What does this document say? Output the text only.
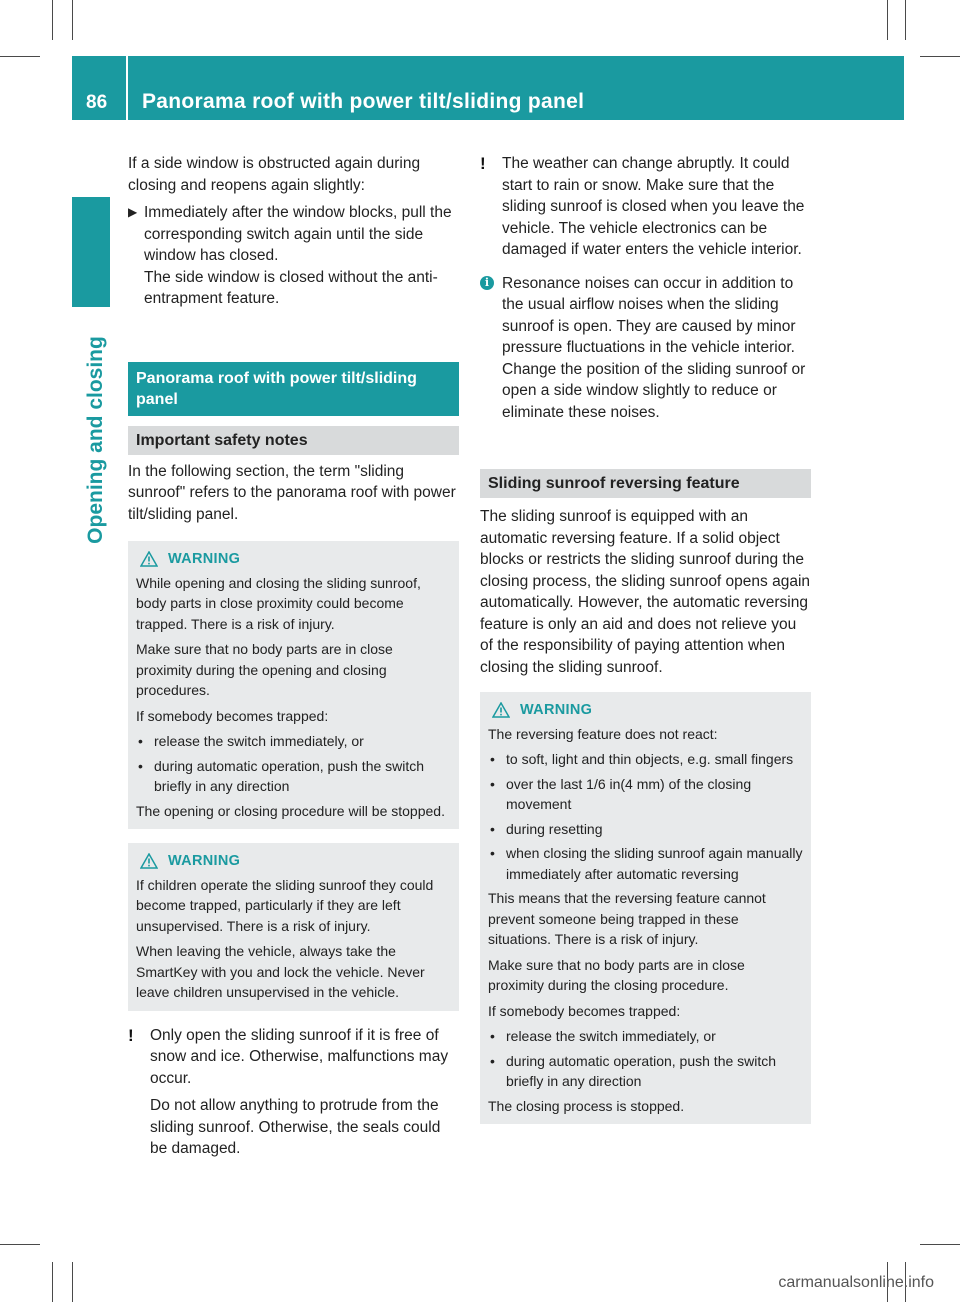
86 Panorama roof with power tilt/sliding panel
Opening and closing

If a side window is obstructed again during closing and reopens again slightly:

▶ Immediately after the window blocks, pull the corresponding switch again until the side window has closed.
The side window is closed without the anti-entrapment feature.
Panorama roof with power tilt/sliding panel
Important safety notes

In the following section, the term "sliding sunroof" refers to the panorama roof with power tilt/sliding panel.

WARNING

While opening and closing the sliding sunroof, body parts in close proximity could become trapped. There is a risk of injury.

Make sure that no body parts are in close proximity during the opening and closing procedures.

If somebody becomes trapped:

• release the switch immediately, or
• during automatic operation, push the switch briefly in any direction

The opening or closing procedure will be stopped.

WARNING

If children operate the sliding sunroof they could become trapped, particularly if they are left unsupervised. There is a risk of injury.

When leaving the vehicle, always take the SmartKey with you and lock the vehicle. Never leave children unsupervised in the vehicle.

!	Only open the sliding sunroof if it is free of snow and ice. Otherwise, malfunctions may occur.

Do not allow anything to protrude from the sliding sunroof. Otherwise, the seals could be damaged.

!	The weather can change abruptly. It could start to rain or snow. Make sure that the sliding sunroof is closed when you leave the vehicle. The vehicle electronics can be damaged if water enters the vehicle interior.

i Resonance noises can occur in addition to the usual airflow noises when the sliding sunroof is open. They are caused by minor pressure fluctuations in the vehicle interior. Change the position of the sliding sunroof or open a side window slightly to reduce or eliminate these noises.

Sliding sunroof reversing feature

The sliding sunroof is equipped with an automatic reversing feature. If a solid object blocks or restricts the sliding sunroof during the closing process, the sliding sunroof opens again automatically. However, the automatic reversing feature is only an aid and does not relieve you of the responsibility of paying attention when closing the sliding sunroof.

WARNING

The reversing feature does not react:

• to soft, light and thin objects, e.g. small fingers
• over the last 1/6 in(4 mm) of the closing movement
• during resetting
• when closing the sliding sunroof again manually immediately after automatic reversing

This means that the reversing feature cannot prevent someone being trapped in these situations. There is a risk of injury.

Make sure that no body parts are in close proximity during the closing procedure.

If somebody becomes trapped:

• release the switch immediately, or
• during automatic operation, push the switch briefly in any direction

The closing process is stopped.

carmanualsonline.info
